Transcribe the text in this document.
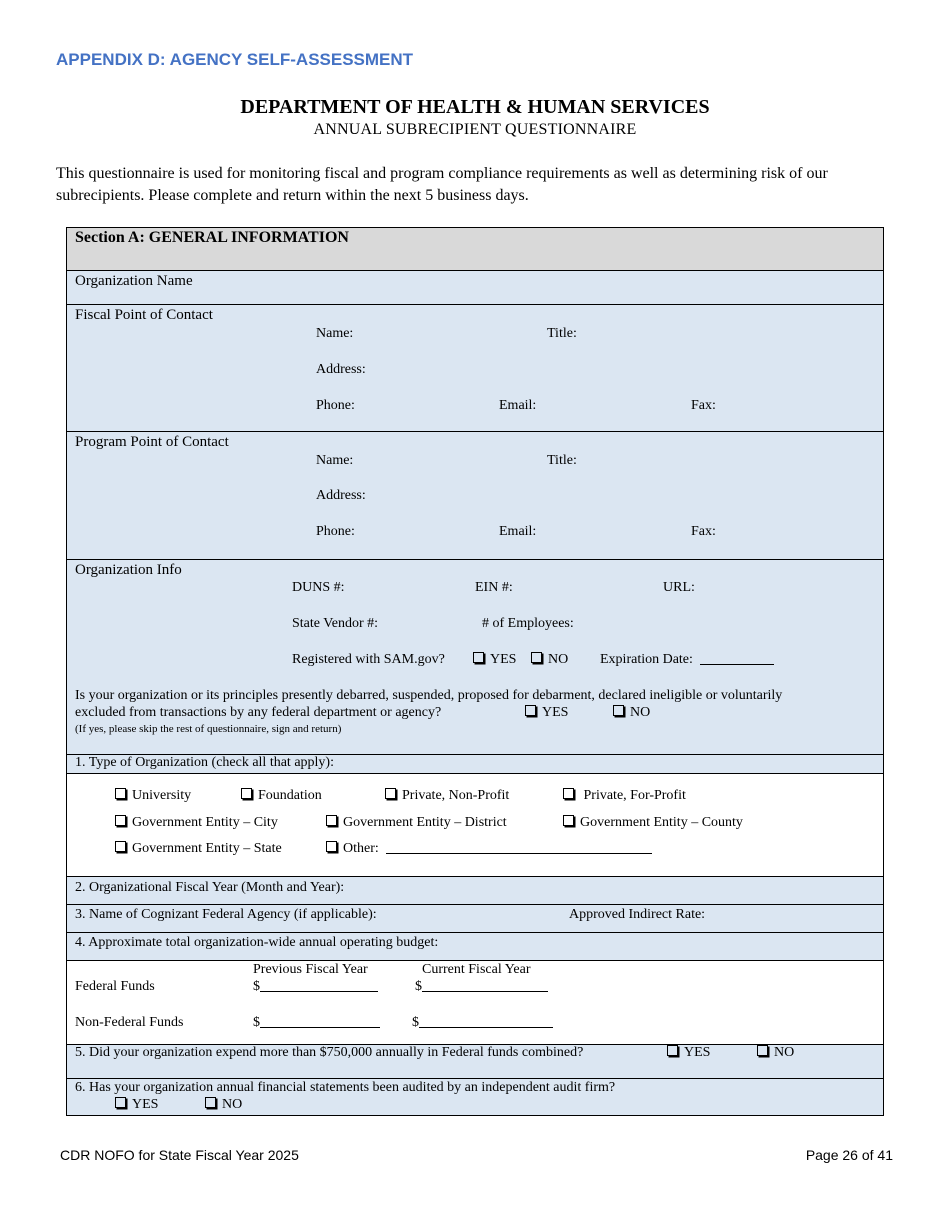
APPENDIX D: AGENCY SELF-ASSESSMENT
DEPARTMENT OF HEALTH & HUMAN SERVICES
ANNUAL SUBRECIPIENT QUESTIONNAIRE
This questionnaire is used for monitoring fiscal and program compliance requirements as well as determining risk of our subrecipients. Please complete and return within the next 5 business days.
Section A: GENERAL INFORMATION
Organization Name
Fiscal Point of Contact
Name:	Title:
Address:
Phone:	Email:	Fax:
Program Point of Contact
Name:	Title:
Address:
Phone:	Email:	Fax:
Organization Info
DUNS #:	EIN #:	URL:
State Vendor #:	# of Employees:
Registered with SAM.gov?	YES	NO Expiration Date:
Is your organization or its principles presently debarred, suspended, proposed for debarment, declared ineligible or voluntarily
excluded from transactions by any federal department or agency?	YES	NO
(If yes, please skip the rest of questionnaire, sign and return)
1. Type of Organization (check all that apply):
University	Foundation	Private, Non-Profit	Private, For-Profit
Government Entity – City	Government Entity – District	Government Entity – County
Government Entity – State	Other:
2. Organizational Fiscal Year (Month and Year):
3. Name of Cognizant Federal Agency (if applicable):	Approved Indirect Rate:
4. Approximate total organization-wide annual operating budget:
Previous Fiscal Year	Current Fiscal Year
Federal Funds	$	$
Non-Federal Funds	$	$
5. Did your organization expend more than $750,000 annually in Federal funds combined?	YES	NO
6. Has your organization annual financial statements been audited by an independent audit firm?
YES	NO
CDR NOFO for State Fiscal Year 2025	Page 26 of 41
